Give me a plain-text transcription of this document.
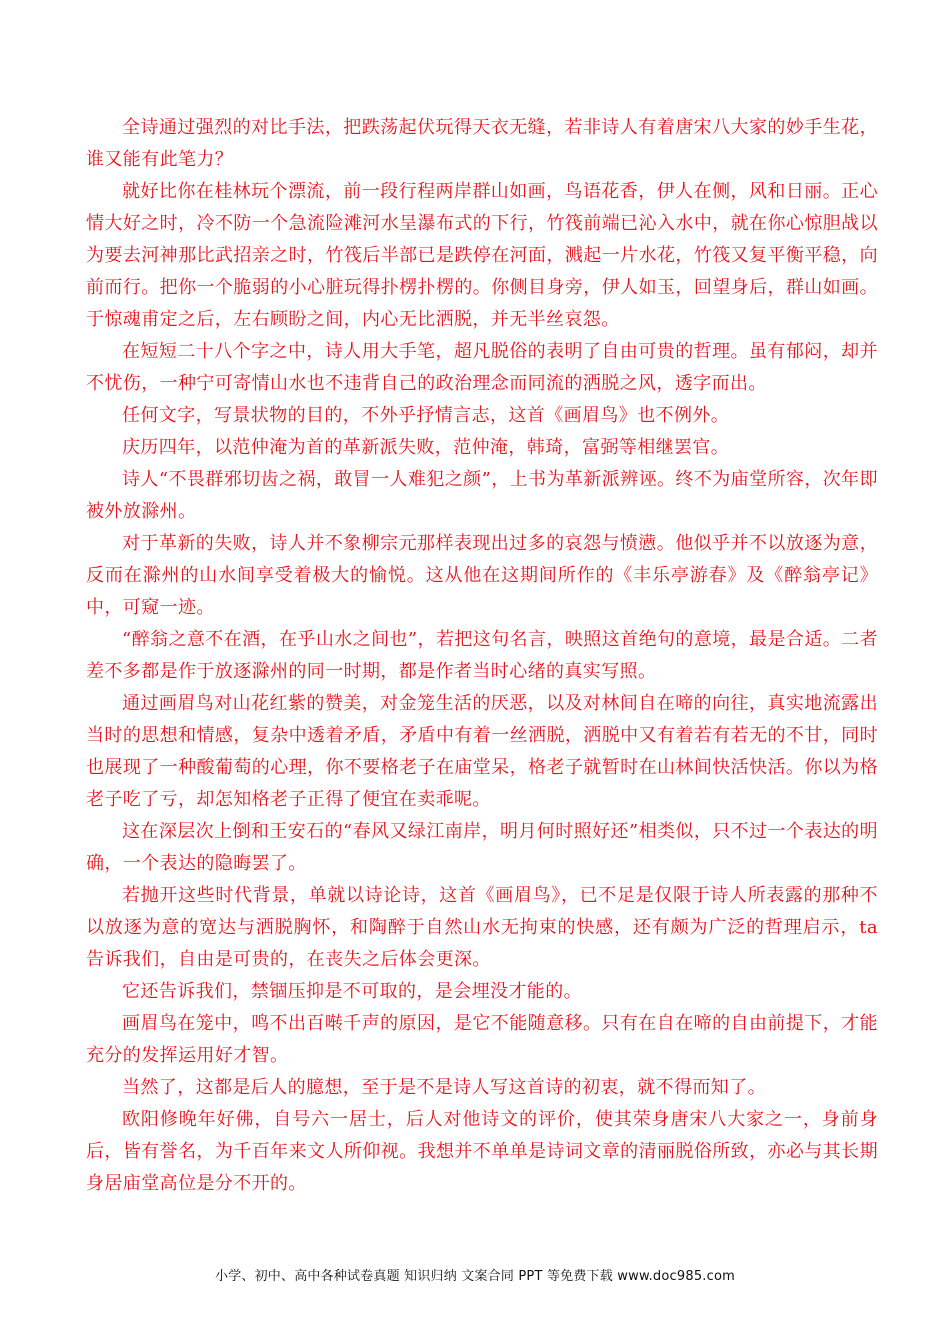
全诗通过强烈的对比手法，把跌荡起伏玩得天衣无缝，若非诗人有着唐宋八大家的妙手生花，谁又能有此笔力？

就好比你在桂林玩个漂流，前一段行程两岸群山如画，鸟语花香，伊人在侧，风和日丽。正心情大好之时，冷不防一个急流险滩河水呈瀑布式的下行，竹筏前端已沁入水中，就在你心惊胆战以为要去河神那比武招亲之时，竹筏后半部已是跌停在河面，溅起一片水花，竹筏又复平衡平稳，向前而行。把你一个脆弱的小心脏玩得扑楞扑楞的。你侧目身旁，伊人如玉，回望身后，群山如画。于惊魂甫定之后，左右顾盼之间，内心无比洒脱，并无半丝哀怨。

在短短二十八个字之中，诗人用大手笔，超凡脱俗的表明了自由可贵的哲理。虽有郁闷，却并不忧伤，一种宁可寄情山水也不违背自己的政治理念而同流的洒脱之风，透字而出。

任何文字，写景状物的目的，不外乎抒情言志，这首《画眉鸟》也不例外。

庆历四年，以范仲淹为首的革新派失败，范仲淹，韩琦，富弼等相继罢官。

诗人“不畏群邪切齿之祸，敢冒一人难犯之颜”，上书为革新派辨诬。终不为庙堂所容，次年即被外放滁州。

对于革新的失败，诗人并不象柳宗元那样表现出过多的哀怨与愤懑。他似乎并不以放逐为意，反而在滁州的山水间享受着极大的愉悦。这从他在这期间所作的《丰乐亭游春》及《醉翁亭记》中，可窥一迹。

“醉翁之意不在酒，在乎山水之间也”，若把这句名言，映照这首绝句的意境，最是合适。二者差不多都是作于放逐滁州的同一时期，都是作者当时心绪的真实写照。

通过画眉鸟对山花红紫的赞美，对金笼生活的厌恶，以及对林间自在啼的向往，真实地流露出当时的思想和情感，复杂中透着矛盾，矛盾中有着一丝洒脱，洒脱中又有着若有若无的不甘，同时也展现了一种酸葡萄的心理，你不要格老子在庙堂呆，格老子就暂时在山林间快活快活。你以为格老子吃了亏，却怎知格老子正得了便宜在卖乖呢。

这在深层次上倒和王安石的“春风又绿江南岸，明月何时照好还”相类似，只不过一个表达的明确，一个表达的隐晦罢了。

若抛开这些时代背景，单就以诗论诗，这首《画眉鸟》，已不足是仅限于诗人所表露的那种不以放逐为意的宽达与洒脱胸怀，和陶醉于自然山水无拘束的快感，还有颇为广泛的哲理启示，ta 告诉我们，自由是可贵的，在丧失之后体会更深。

它还告诉我们，禁锢压抑是不可取的，是会埋没才能的。

画眉鸟在笼中，鸣不出百啭千声的原因，是它不能随意移。只有在自在啼的自由前提下，才能充分的发挥运用好才智。

当然了，这都是后人的臆想，至于是不是诗人写这首诗的初衷，就不得而知了。

欧阳修晚年好佛，自号六一居士，后人对他诗文的评价，使其荣身唐宋八大家之一，身前身后，皆有誉名，为千百年来文人所仰视。我想并不单单是诗词文章的清丽脱俗所致，亦必与其长期身居庙堂高位是分不开的。

小学、初中、高中各种试卷真题 知识归纳 文案合同 PPT 等免费下载 www.doc985.com
